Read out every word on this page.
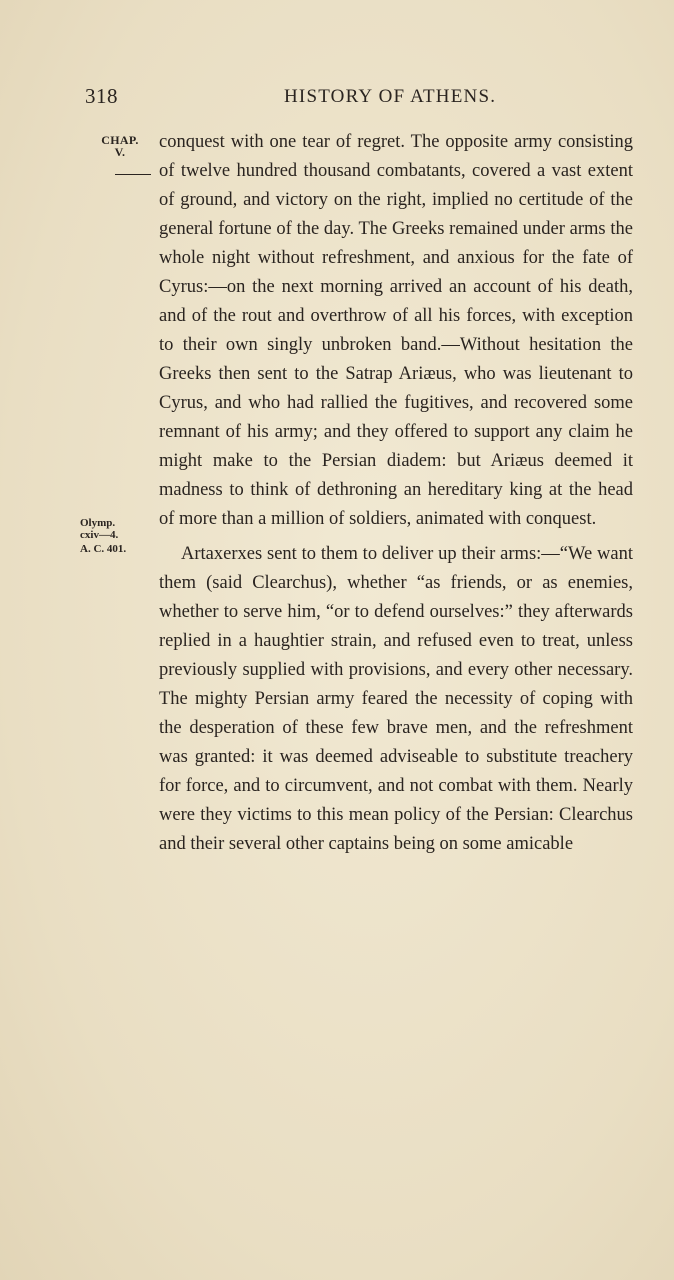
318	HISTORY OF ATHENS.
CHAP.
V.
Olymp.
cxiv—4.
A. C. 401.

conquest with one tear of regret. The opposite army consisting of twelve hundred thousand combatants, covered a vast extent of ground, and victory on the right, implied no certitude of the general fortune of the day. The Greeks remained under arms the whole night without refreshment, and anxious for the fate of Cyrus:—on the next morning arrived an account of his death, and of the rout and overthrow of all his forces, with exception to their own singly unbroken band.—Without hesitation the Greeks then sent to the Satrap Ariæus, who was lieutenant to Cyrus, and who had rallied the fugitives, and recovered some remnant of his army; and they offered to support any claim he might make to the Persian diadem: but Ariæus deemed it madness to think of dethroning an hereditary king at the head of more than a million of soldiers, animated with conquest.

Artaxerxes sent to them to deliver up their arms:—“We want them (said Clearchus), whether “as friends, or as enemies, whether to serve him, “or to defend ourselves:” they afterwards replied in a haughtier strain, and refused even to treat, unless previously supplied with provisions, and every other necessary. The mighty Persian army feared the necessity of coping with the desperation of these few brave men, and the refreshment was granted: it was deemed adviseable to substitute treachery for force, and to circumvent, and not combat with them. Nearly were they victims to this mean policy of the Persian: Clearchus and their several other captains being on some amicable
